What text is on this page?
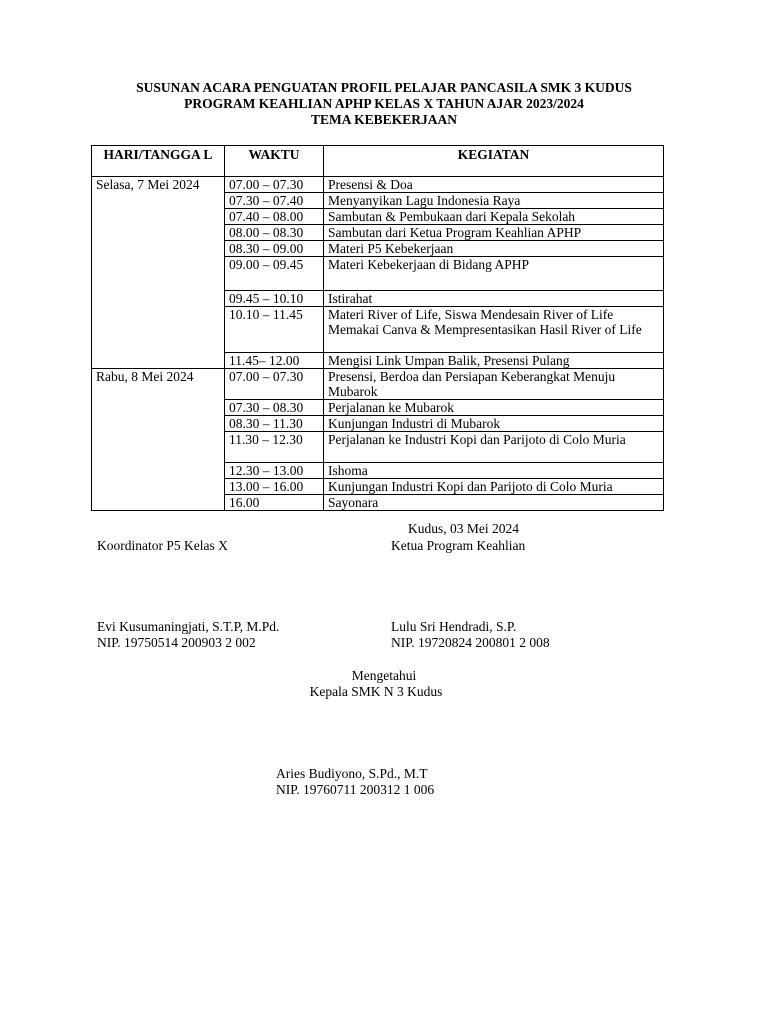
SUSUNAN ACARA PENGUATAN PROFIL PELAJAR PANCASILA SMK 3 KUDUS
PROGRAM KEAHLIAN APHP KELAS X TAHUN AJAR 2023/2024
TEMA KEBEKERJAAN
HARI/TANGGA L	WAKTU	KEGIATAN
Selasa, 7 Mei 2024	07.00 – 07.30	Presensi & Doa
	07.30 – 07.40	Menyanyikan Lagu Indonesia Raya
	07.40 – 08.00	Sambutan & Pembukaan dari Kepala Sekolah
	08.00 – 08.30	Sambutan dari Ketua Program Keahlian APHP
	08.30 – 09.00	Materi P5 Kebekerjaan
	09.00 – 09.45	Materi Kebekerjaan di Bidang APHP
	09.45 – 10.10	Istirahat
	10.10 – 11.45	Materi River of Life, Siswa Mendesain River of Life Memakai Canva & Mempresentasikan Hasil River of Life
	11.45– 12.00	Mengisi Link Umpan Balik, Presensi Pulang
Rabu, 8 Mei 2024	07.00 – 07.30	Presensi, Berdoa dan Persiapan Keberangkat Menuju Mubarok
	07.30 – 08.30	Perjalanan ke Mubarok
	08.30 – 11.30	Kunjungan Industri di Mubarok
	11.30 – 12.30	Perjalanan ke Industri Kopi dan Parijoto di Colo Muria
	12.30 – 13.00	Ishoma
	13.00 – 16.00	Kunjungan Industri Kopi dan Parijoto di Colo Muria
	16.00	Sayonara
Kudus, 03 Mei 2024
Koordinator P5 Kelas X	Ketua Program Keahlian
Evi Kusumaningjati, S.T.P, M.Pd.
NIP. 19750514 200903 2 002
Lulu Sri Hendradi, S.P.
NIP. 19720824 200801 2 008
Mengetahui
Kepala SMK N 3 Kudus
Aries Budiyono, S.Pd., M.T
NIP. 19760711 200312 1 006
